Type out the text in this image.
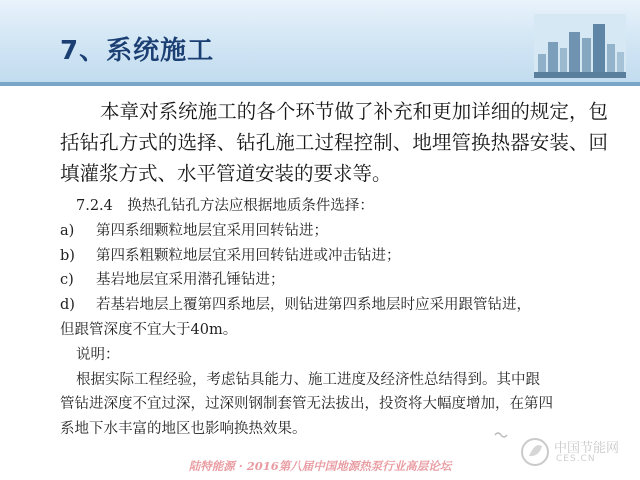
7、系统施工
本章对系统施工的各个环节做了补充和更加详细的规定，包括钻孔方式的选择、钻孔施工过程控制、地埋管换热器安装、回填灌浆方式、水平管道安装的要求等。
7.2.4　换热孔钻孔方法应根据地质条件选择：
a)	第四系细颗粒地层宜采用回转钻进；
b)	第四系粗颗粒地层宜采用回转钻进或冲击钻进；
c)	基岩地层宜采用潜孔锤钻进；
d)	若基岩地层上覆第四系地层，则钻进第四系地层时应采用跟管钻进，
但跟管深度不宜大于40m。
说明：
根据实际工程经验，考虑钻具能力、施工进度及经济性总结得到。其中跟
管钻进深度不宜过深，过深则钢制套管无法拔出，投资将大幅度增加，在第四
系地下水丰富的地区也影响换热效果。
中国节能网
CES.CN
陆特能源 · 2016第八届中国地源热泵行业高层论坛
